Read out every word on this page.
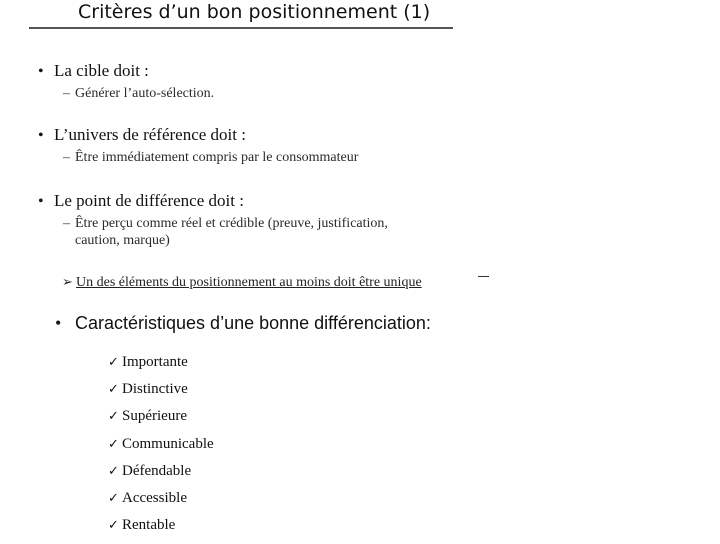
Critères d’un bon positionnement (1)
• La cible doit :
– Générer l’auto-sélection.
• L’univers de référence doit :
– Être immédiatement compris par le consommateur
• Le point de différence doit :
– Être perçu comme réel et crédible (preuve, justification,
caution, marque)
➢ Un des éléments du positionnement au moins doit être unique
• Caractéristiques d’une bonne différenciation:
✓ Importante
✓ Distinctive
✓ Supérieure
✓ Communicable
✓ Défendable
✓ Accessible
✓ Rentable
